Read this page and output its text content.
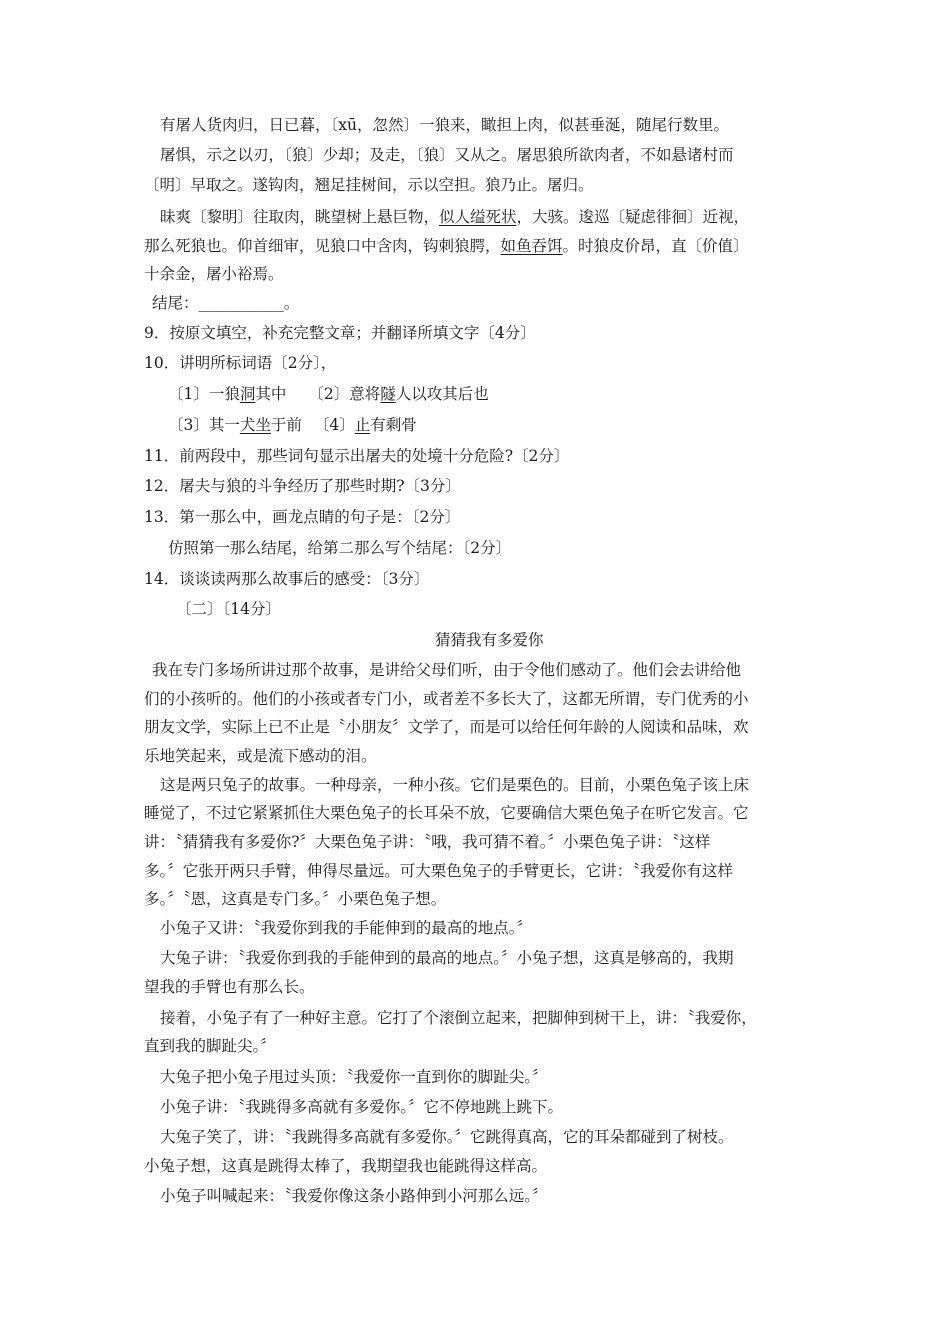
有屠人货肉归，日已暮，〔xū，忽然〕一狼来，瞰担上肉，似甚垂涎，随尾行数里。
屠惧，示之以刃，〔狼〕少却；及走，〔狼〕又从之。屠思狼所欲肉者，不如悬诸村而
〔明〕早取之。遂钩肉，翘足挂树间，示以空担。狼乃止。屠归。
昧爽〔黎明〕往取肉，眺望树上悬巨物，似人缢死状，大骇。逡巡〔疑虑徘徊〕近视，
那么死狼也。仰首细审，见狼口中含肉，钩刺狼腭，如鱼吞饵。时狼皮价昂，直〔价值〕
十余金，屠小裕焉。
结尾：___________。
9．按原文填空，补充完整文章；并翻译所填文字〔4分〕
10．讲明所标词语〔2分〕，
〔1〕一狼洞其中 〔2〕意将隧人以攻其后也
〔3〕其一犬坐于前 〔4〕止有剩骨
11．前两段中，那些词句显示出屠夫的处境十分危险?〔2分〕
12．屠夫与狼的斗争经历了那些时期?〔3分〕
13．第一那么中，画龙点睛的句子是：〔2分〕
仿照第一那么结尾，给第二那么写个结尾：〔2分〕
14．谈谈读两那么故事后的感受：〔3分〕
〔二〕〔14分〕
猜猜我有多爱你
我在专门多场所讲过那个故事，是讲给父母们听，由于令他们感动了。他们会去讲给他
们的小孩听的。他们的小孩或者专门小，或者差不多长大了，这都无所谓，专门优秀的小
朋友文学，实际上已不止是〝小朋友〞文学了，而是可以给任何年龄的人阅读和品味，欢
乐地笑起来，或是流下感动的泪。
这是两只兔子的故事。一种母亲，一种小孩。它们是栗色的。目前，小栗色兔子该上床
睡觉了，不过它紧紧抓住大栗色兔子的长耳朵不放，它要确信大栗色兔子在听它发言。它
讲：〝猜猜我有多爱你?〞大栗色兔子讲：〝哦，我可猜不着。〞小栗色兔子讲：〝这样
多。〞它张开两只手臂，伸得尽量远。可大栗色兔子的手臂更长，它讲：〝我爱你有这样
多。〞〝恩，这真是专门多。〞小栗色兔子想。
小兔子又讲：〝我爱你到我的手能伸到的最高的地点。〞
大兔子讲：〝我爱你到我的手能伸到的最高的地点。〞小兔子想，这真是够高的，我期
望我的手臂也有那么长。
接着，小兔子有了一种好主意。它打了个滚倒立起来，把脚伸到树干上，讲：〝我爱你，
直到我的脚趾尖。〞
大兔子把小兔子甩过头顶：〝我爱你一直到你的脚趾尖。〞
小兔子讲：〝我跳得多高就有多爱你。〞它不停地跳上跳下。
大兔子笑了，讲：〝我跳得多高就有多爱你。〞它跳得真高，它的耳朵都碰到了树枝。
小兔子想，这真是跳得太棒了，我期望我也能跳得这样高。
小兔子叫喊起来：〝我爱你像这条小路伸到小河那么远。〞
